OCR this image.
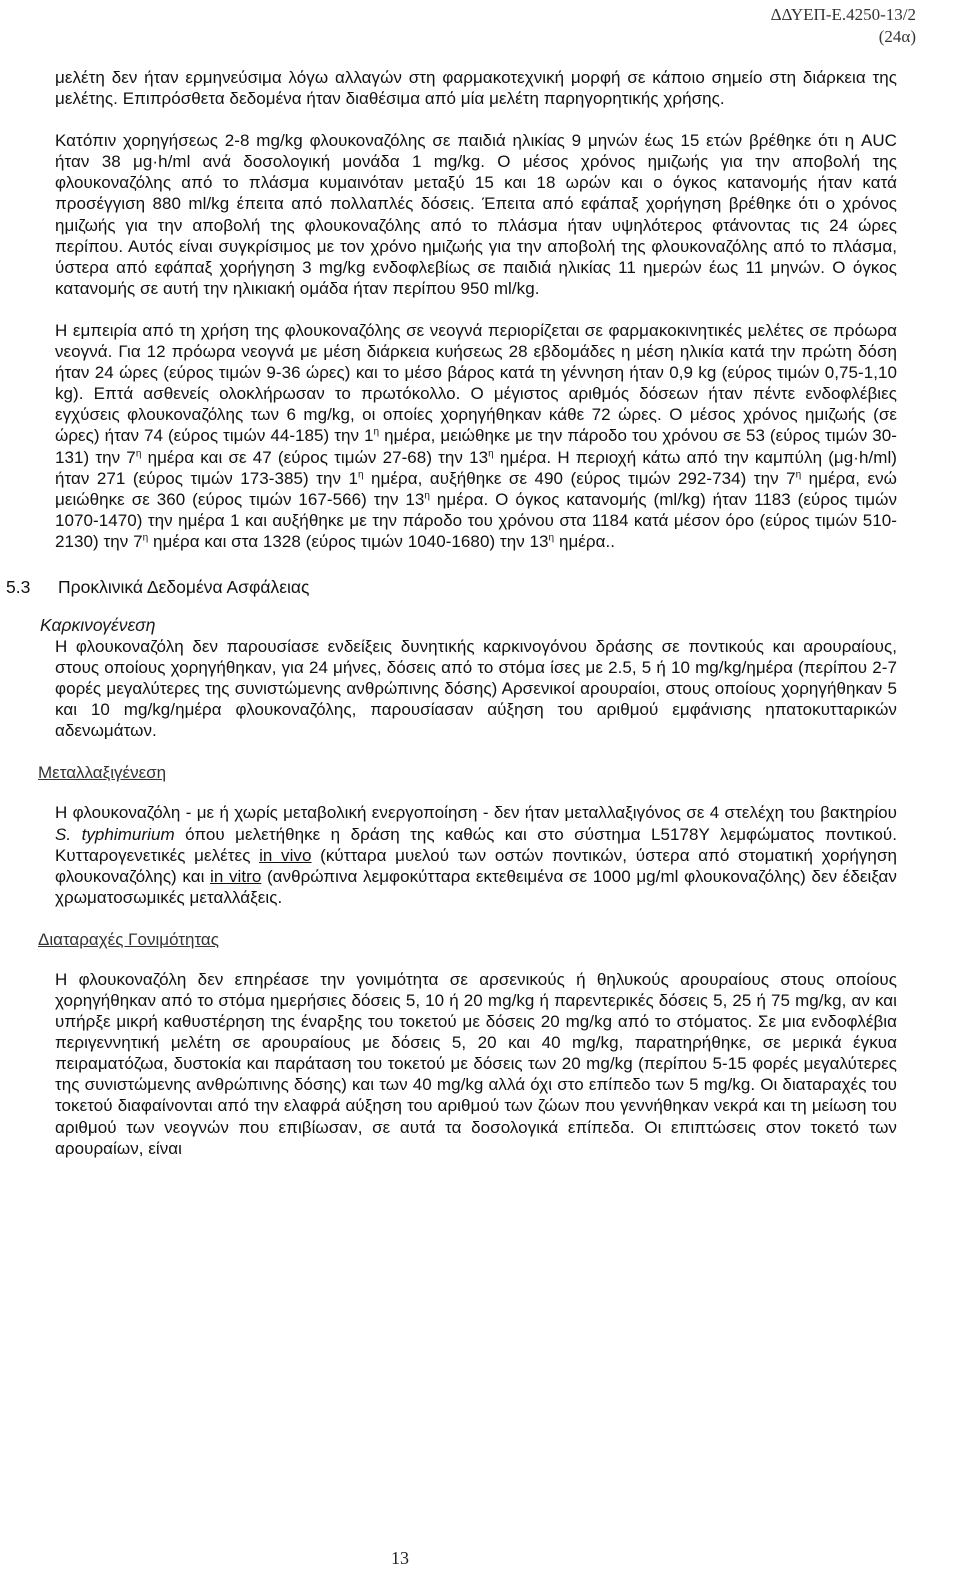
ΔΔΥΕΠ-Ε.4250-13/2
(24α)

μελέτη δεν ήταν ερμηνεύσιμα λόγω αλλαγών στη φαρμακοτεχνική μορφή σε κάποιο σημείο στη διάρκεια της μελέτης. Επιπρόσθετα δεδομένα ήταν διαθέσιμα από μία μελέτη παρηγορητικής χρήσης.

Κατόπιν χορηγήσεως 2-8 mg/kg φλουκοναζόλης σε παιδιά ηλικίας 9 μηνών έως 15 ετών βρέθηκε ότι η AUC ήταν 38 μg·h/ml ανά δοσολογική μονάδα 1 mg/kg. Ο μέσος χρόνος ημιζωής για την αποβολή της φλουκοναζόλης από το πλάσμα κυμαινόταν μεταξύ 15 και 18 ωρών και ο όγκος κατανομής ήταν κατά προσέγγιση 880 ml/kg έπειτα από πολλαπλές δόσεις. Έπειτα από εφάπαξ χορήγηση βρέθηκε ότι ο χρόνος ημιζωής για την αποβολή της φλουκοναζόλης από το πλάσμα ήταν υψηλότερος φτάνοντας τις 24 ώρες περίπου. Αυτός είναι συγκρίσιμος με τον χρόνο ημιζωής για την αποβολή της φλουκοναζόλης από το πλάσμα, ύστερα από εφάπαξ χορήγηση 3 mg/kg ενδοφλεβίως σε παιδιά ηλικίας 11 ημερών έως 11 μηνών. Ο όγκος κατανομής σε αυτή την ηλικιακή ομάδα ήταν περίπου 950 ml/kg.

Η εμπειρία από τη χρήση της φλουκοναζόλης σε νεογνά περιορίζεται σε φαρμακοκινητικές μελέτες σε πρόωρα νεογνά. Για 12 πρόωρα νεογνά με μέση διάρκεια κυήσεως 28 εβδομάδες η μέση ηλικία κατά την πρώτη δόση ήταν 24 ώρες (εύρος τιμών 9-36 ώρες) και το μέσο βάρος κατά τη γέννηση ήταν 0,9 kg (εύρος τιμών 0,75-1,10 kg). Επτά ασθενείς ολοκλήρωσαν το πρωτόκολλο. Ο μέγιστος αριθμός δόσεων ήταν πέντε ενδοφλέβιες εγχύσεις φλουκοναζόλης των 6 mg/kg, οι οποίες χορηγήθηκαν κάθε 72 ώρες. Ο μέσος χρόνος ημιζωής (σε ώρες) ήταν 74 (εύρος τιμών 44-185) την $1^\eta$ ημέρα, μειώθηκε με την πάροδο του χρόνου σε 53 (εύρος τιμών 30-131) την $7^\eta$ ημέρα και σε 47 (εύρος τιμών 27-68) την $13^\eta$ ημέρα. Η περιοχή κάτω από την καμπύλη (μg·h/ml) ήταν 271 (εύρος τιμών 173-385) την $1^\eta$ ημέρα, αυξήθηκε σε 490 (εύρος τιμών 292-734) την $7^\eta$ ημέρα, ενώ μειώθηκε σε 360 (εύρος τιμών 167-566) την $13^\eta$ ημέρα. Ο όγκος κατανομής (ml/kg) ήταν 1183 (εύρος τιμών 1070-1470) την ημέρα 1 και αυξήθηκε με την πάροδο του χρόνου στα 1184 κατά μέσον όρο (εύρος τιμών 510-2130) την $7^\eta$ ημέρα και στα 1328 (εύρος τιμών 1040-1680) την $13^\eta$ ημέρα..

5.3 Προκλινικά Δεδομένα Ασφάλειας
Καρκινογένεση

Η φλουκοναζόλη δεν παρουσίασε ενδείξεις δυνητικής καρκινογόνου δράσης σε ποντικούς και αρουραίους, στους οποίους χορηγήθηκαν, για 24 μήνες, δόσεις από το στόμα ίσες με 2.5, 5 ή 10 mg/kg/ημέρα (περίπου 2-7 φορές μεγαλύτερες της συνιστώμενης ανθρώπινης δόσης) Αρσενικοί αρουραίοι, στους οποίους χορηγήθηκαν 5 και 10 mg/kg/ημέρα φλουκοναζόλης, παρουσίασαν αύξηση του αριθμού εμφάνισης ηπατοκυτταρικών αδενωμάτων.

Μεταλλαξιγένεση

Η φλουκοναζόλη - με ή χωρίς μεταβολική ενεργοποίηση - δεν ήταν μεταλλαξιγόνος σε 4 στελέχη του βακτηρίου S. typhimurium όπου μελετήθηκε η δράση της καθώς και στο σύστημα L5178Y λεμφώματος ποντικού. Κυτταρογενετικές μελέτες in vivo (κύτταρα μυελού των οστών ποντικών, ύστερα από στοματική χορήγηση φλουκοναζόλης) και in vitro (ανθρώπινα λεμφοκύτταρα εκτεθειμένα σε 1000 μg/ml φλουκοναζόλης) δεν έδειξαν χρωματοσωμικές μεταλλάξεις.

Διαταραχές Γονιμότητας

Η φλουκοναζόλη δεν επηρέασε την γονιμότητα σε αρσενικούς ή θηλυκούς αρουραίους στους οποίους χορηγήθηκαν από το στόμα ημερήσιες δόσεις 5, 10 ή 20 mg/kg ή παρεντερικές δόσεις 5, 25 ή 75 mg/kg, αν και υπήρξε μικρή καθυστέρηση της έναρξης του τοκετού με δόσεις 20 mg/kg από το στόματος. Σε μια ενδοφλέβια περιγεννητική μελέτη σε αρουραίους με δόσεις 5, 20 και 40 mg/kg, παρατηρήθηκε, σε μερικά έγκυα πειραματόζωα, δυστοκία και παράταση του τοκετού με δόσεις των 20 mg/kg (περίπου 5-15 φορές μεγαλύτερες της συνιστώμενης ανθρώπινης δόσης) και των 40 mg/kg αλλά όχι στο επίπεδο των 5 mg/kg. Οι διαταραχές του τοκετού διαφαίνονται από την ελαφρά αύξηση του αριθμού των ζώων που γεννήθηκαν νεκρά και τη μείωση του αριθμού των νεογνών που επιβίωσαν, σε αυτά τα δοσολογικά επίπεδα. Οι επιπτώσεις στον τοκετό των αρουραίων, είναι

13
